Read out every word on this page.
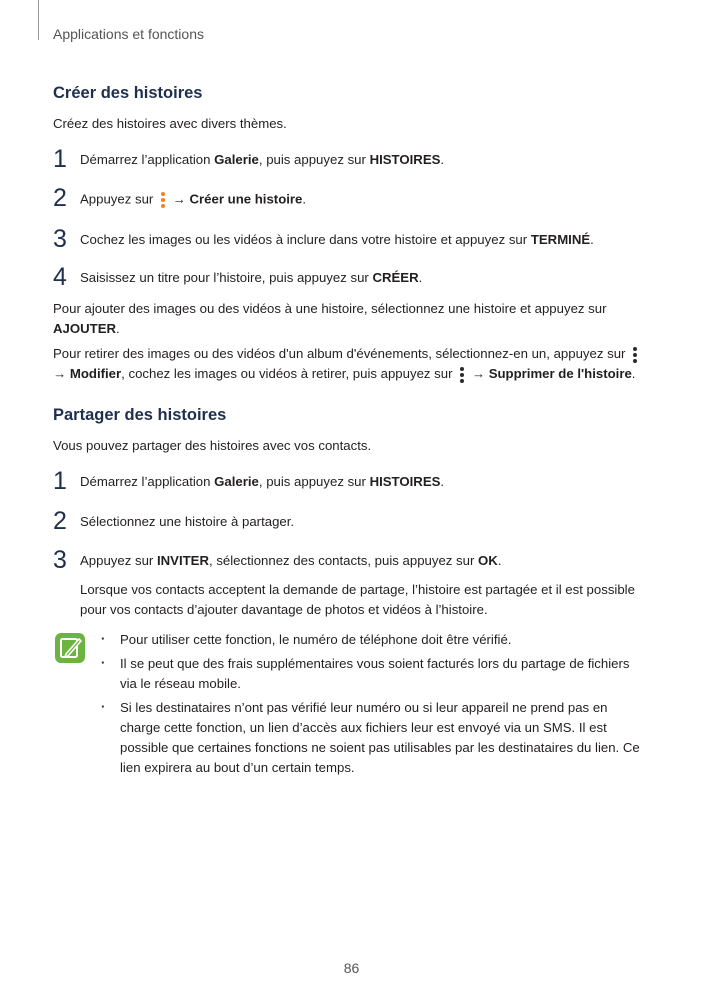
Applications et fonctions
Créer des histoires
Créez des histoires avec divers thèmes.
1 Démarrez l’application Galerie, puis appuyez sur HISTOIRES.
2 Appuyez sur → Créer une histoire.
3 Cochez les images ou les vidéos à inclure dans votre histoire et appuyez sur TERMINÉ.
4 Saisissez un titre pour l’histoire, puis appuyez sur CRÉER.
Pour ajouter des images ou des vidéos à une histoire, sélectionnez une histoire et appuyez sur AJOUTER.
Pour retirer des images ou des vidéos d'un album d'événements, sélectionnez-en un, appuyez sur
→ Modifier, cochez les images ou vidéos à retirer, puis appuyez sur → Supprimer de l'histoire.
Partager des histoires
Vous pouvez partager des histoires avec vos contacts.
1 Démarrez l’application Galerie, puis appuyez sur HISTOIRES.
2 Sélectionnez une histoire à partager.
3 Appuyez sur INVITER, sélectionnez des contacts, puis appuyez sur OK.
Lorsque vos contacts acceptent la demande de partage, l’histoire est partagée et il est possible pour vos contacts d’ajouter davantage de photos et vidéos à l’histoire.
· Pour utiliser cette fonction, le numéro de téléphone doit être vérifié.
· Il se peut que des frais supplémentaires vous soient facturés lors du partage de fichiers via le réseau mobile.
· Si les destinataires n’ont pas vérifié leur numéro ou si leur appareil ne prend pas en charge cette fonction, un lien d’accès aux fichiers leur est envoyé via un SMS. Il est possible que certaines fonctions ne soient pas utilisables par les destinataires du lien. Ce lien expirera au bout d’un certain temps.
86
